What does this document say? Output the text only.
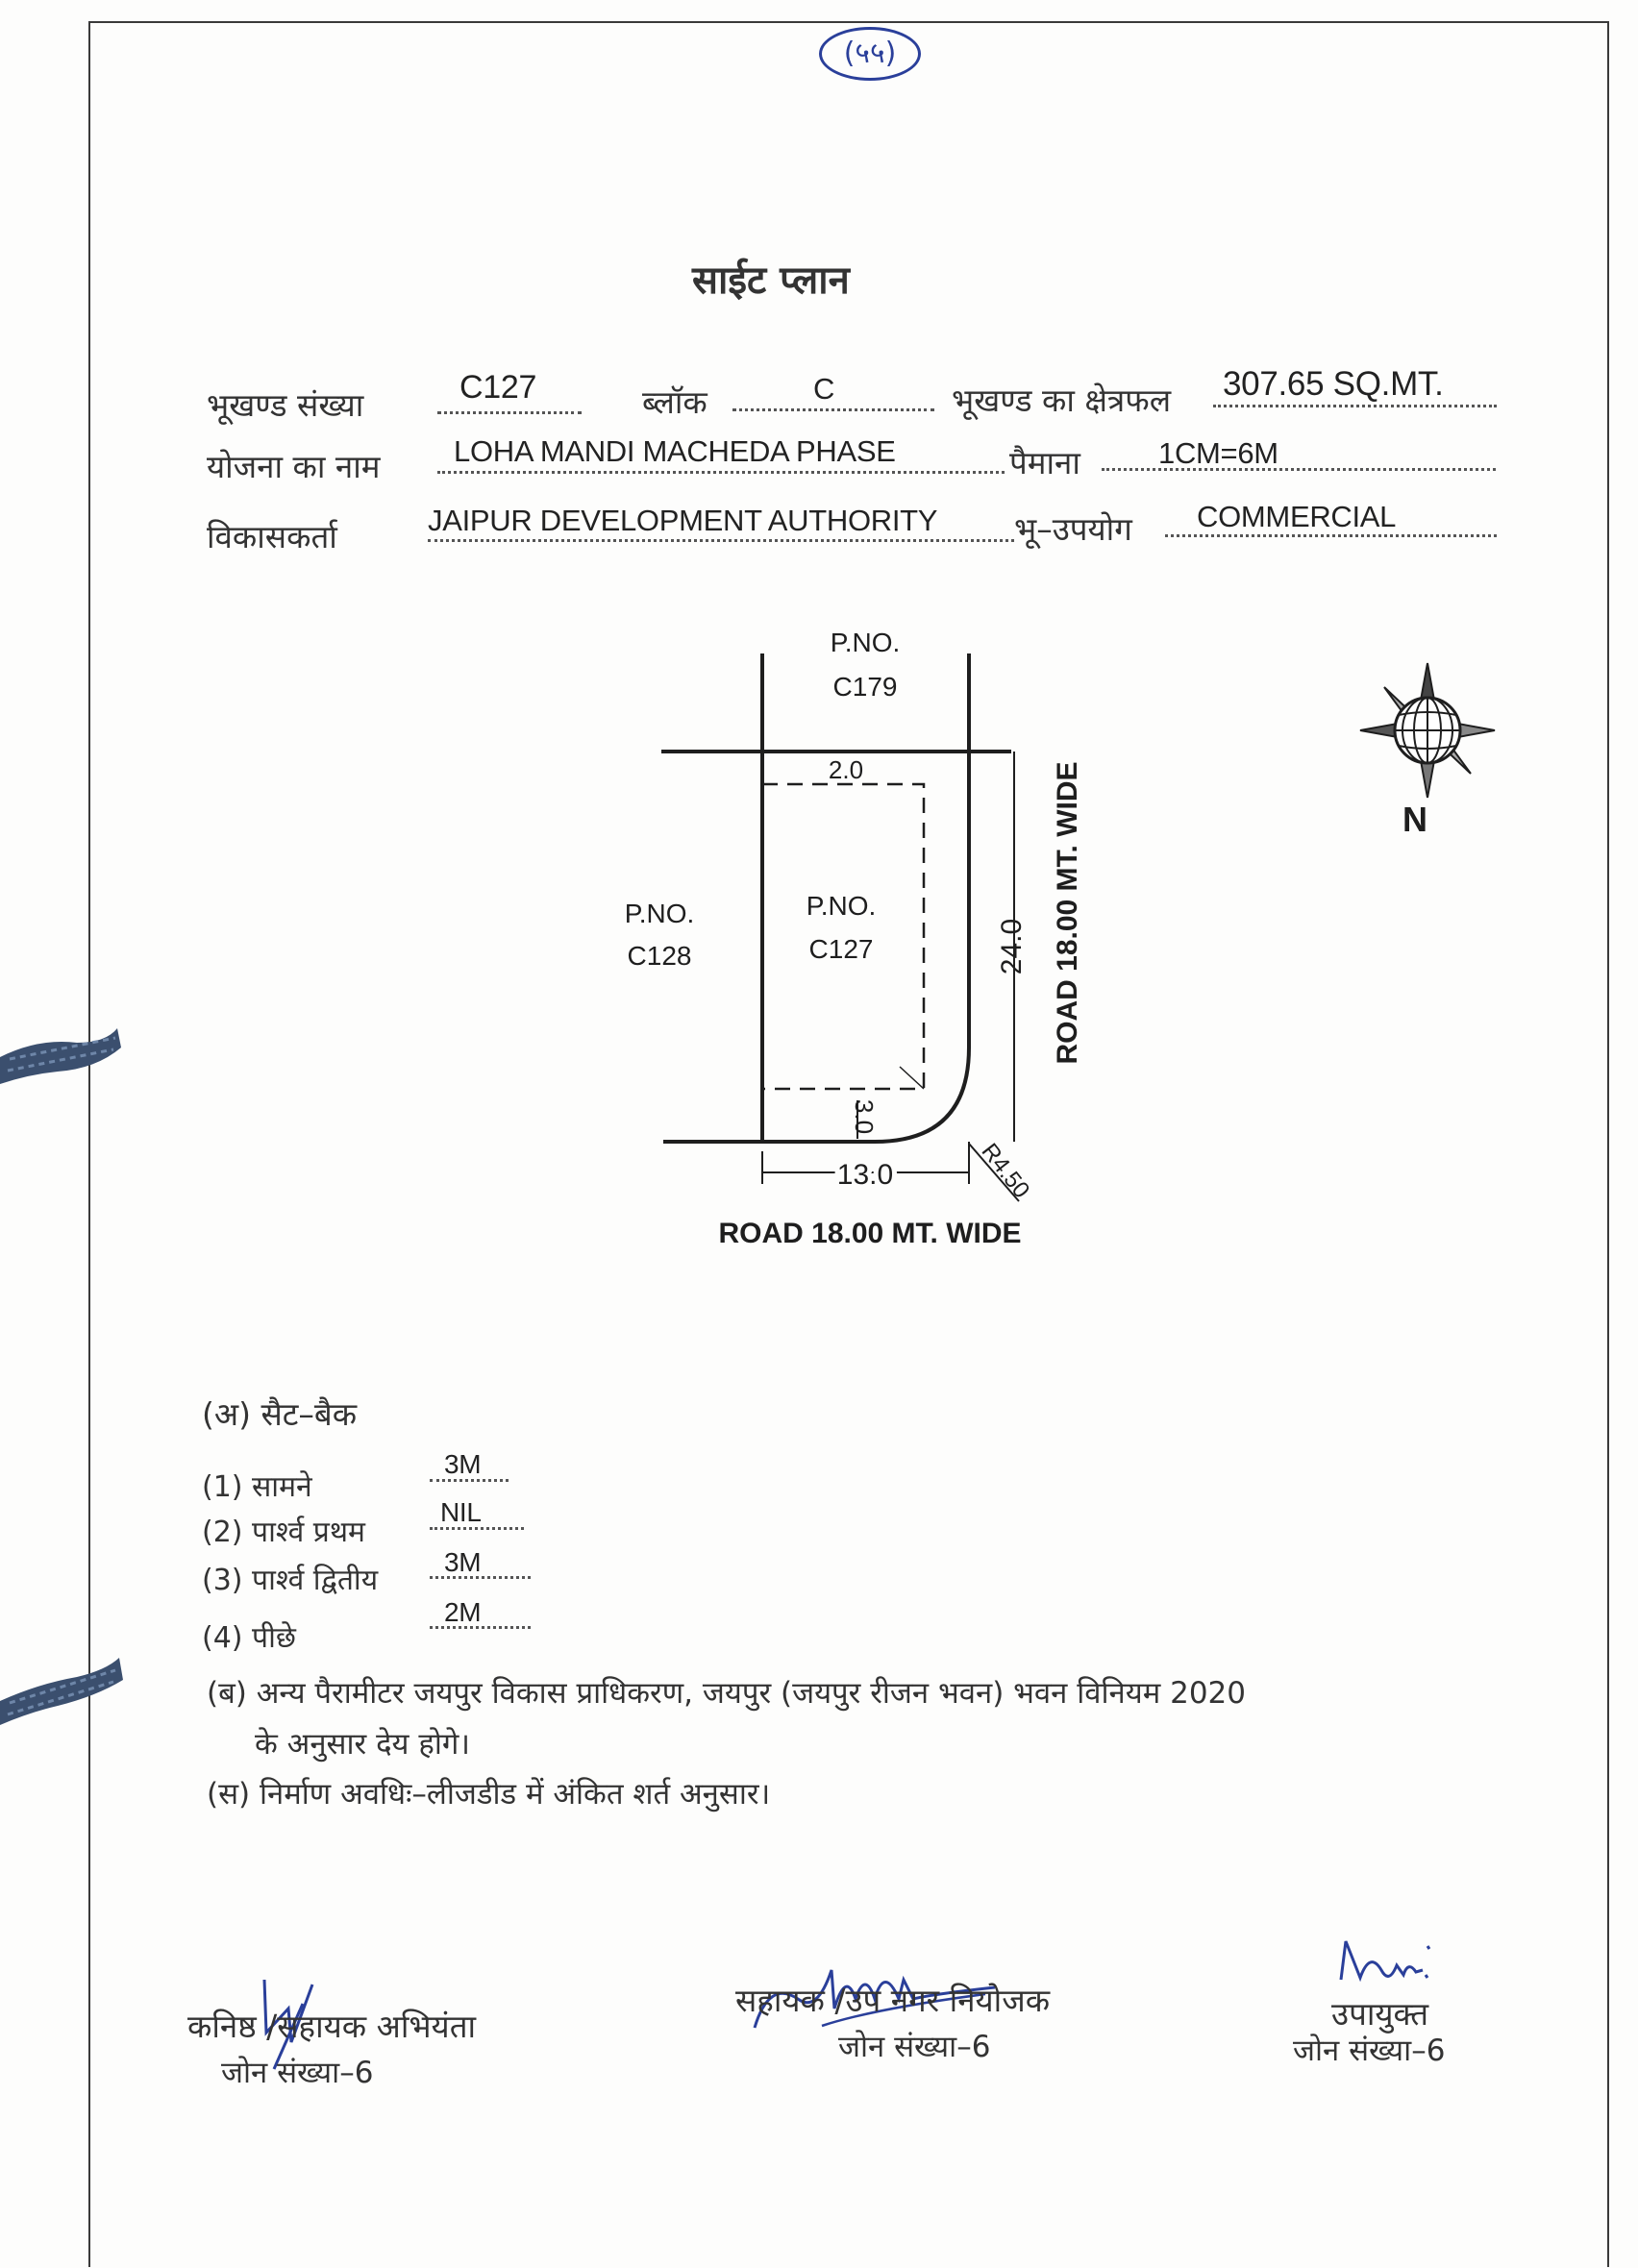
(५५)
साईट प्लान
भूखण्ड संख्या	C127	ब्लॉक	C	भूखण्ड का क्षेत्रफल 307.65 SQ.MT.
योजना का नाम LOHA MANDI MACHEDA PHASE	पैमाना	1CM=6M
विकासकर्ता	JAIPUR DEVELOPMENT AUTHORITY भू–उपयोग COMMERCIAL
P.NO.
C179
P.NO.
C128
P.NO.
C127
2.0
3.0
24.0
13.0	R4.50
ROAD 18.00 MT. WIDE
ROAD 18.00 MT. WIDE
N
(अ) सैट–बैक
(1) सामने
3M
(2) पार्श्व प्रथम
NIL
(3) पार्श्व द्वितीय
3M
(4) पीछे
2M
(ब) अन्य पैरामीटर जयपुर विकास प्राधिकरण, जयपुर (जयपुर रीजन भवन) भवन विनियम 2020
के अनुसार देय होगे।
(स) निर्माण अवधिः–लीजडीड में अंकित शर्त अनुसार।
कनिष्ठ /सहायक अभियंता
जोन संख्या–6
सहायक /उप नगर नियोजक
जोन संख्या–6
उपायुक्त
जोन संख्या–6
